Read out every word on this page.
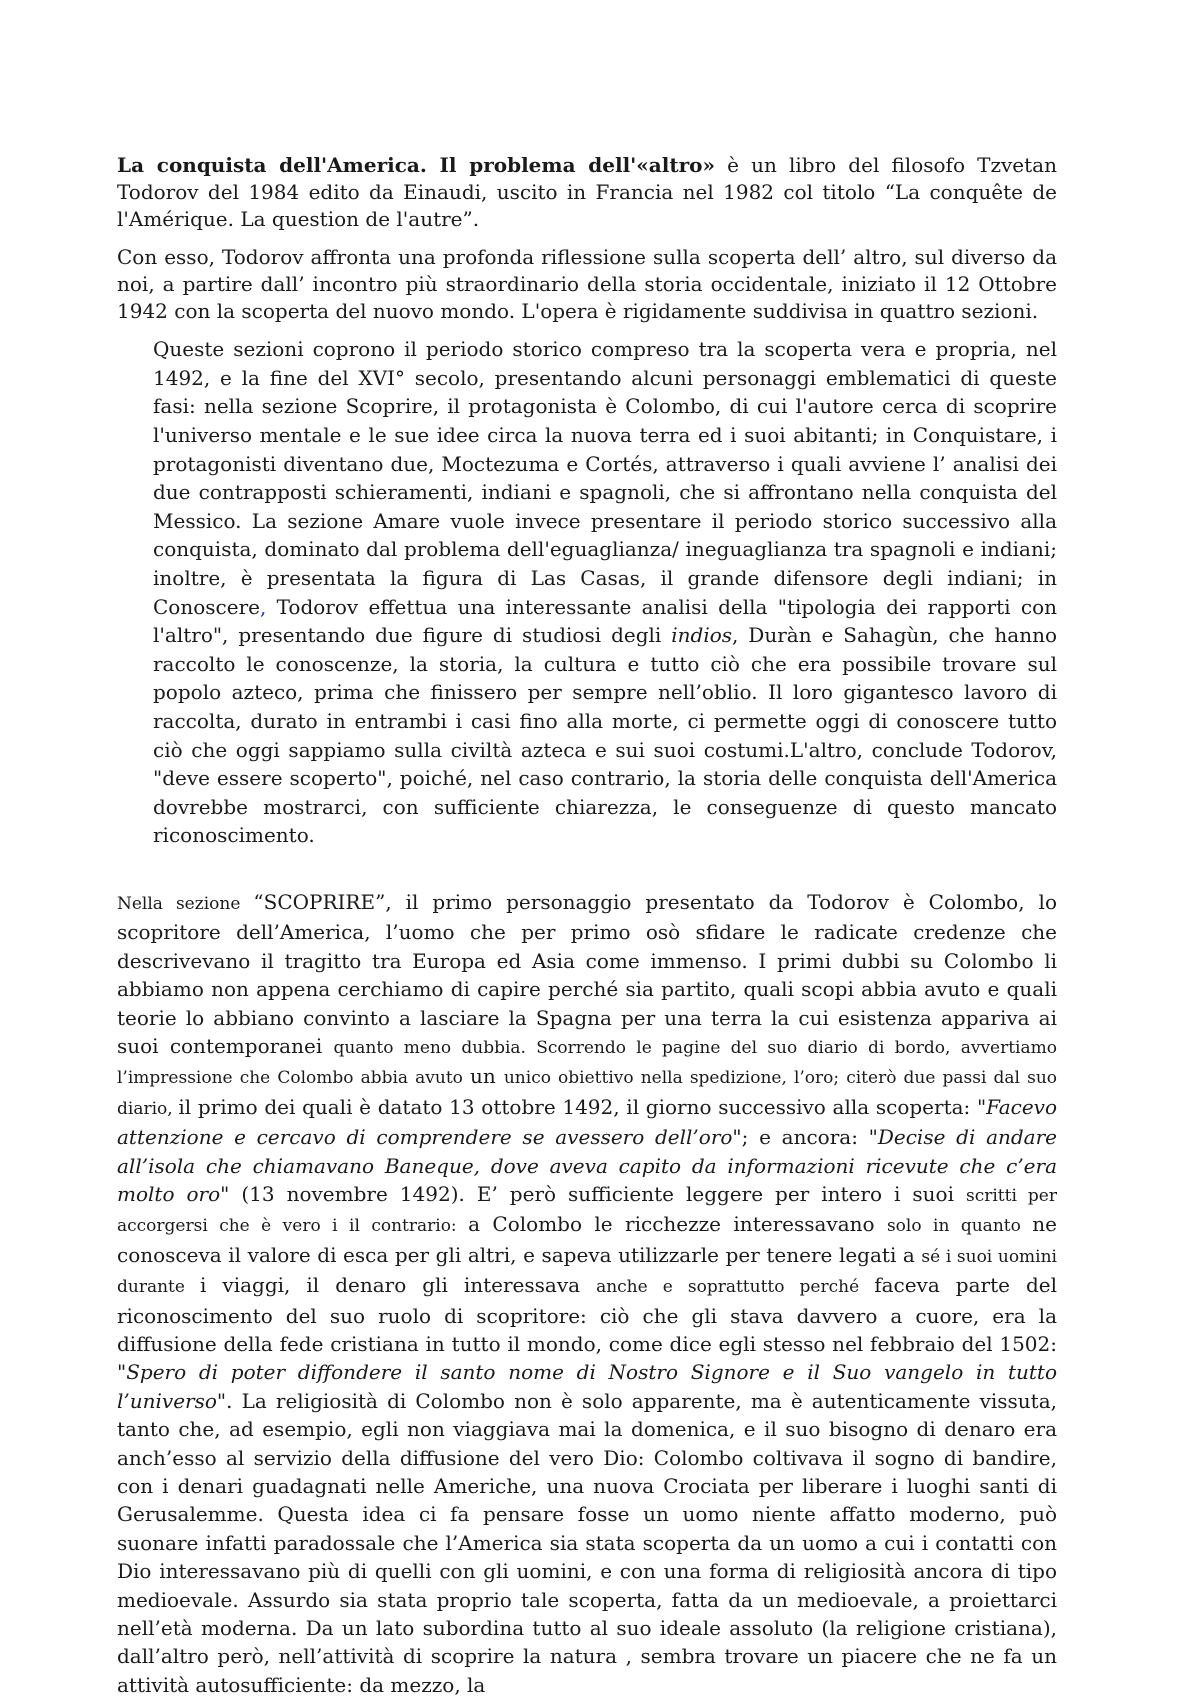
La conquista dell'America. Il problema dell'«altro» è un libro del filosofo Tzvetan Todorov del 1984 edito da Einaudi, uscito in Francia nel 1982 col titolo “La conquête de l'Amérique. La question de l'autre”.

Con esso, Todorov affronta una profonda riflessione sulla scoperta dell’ altro, sul diverso da noi, a partire dall’ incontro più straordinario della storia occidentale, iniziato il 12 Ottobre 1942 con la scoperta del nuovo mondo. L'opera è rigidamente suddivisa in quattro sezioni.

Queste sezioni coprono il periodo storico compreso tra la scoperta vera e propria, nel 1492, e la fine del XVI° secolo, presentando alcuni personaggi emblematici di queste fasi: nella sezione Scoprire, il protagonista è Colombo, di cui l'autore cerca di scoprire l'universo mentale e le sue idee circa la nuova terra ed i suoi abitanti; in Conquistare, i protagonisti diventano due, Moctezuma e Cortés, attraverso i quali avviene l’ analisi dei due contrapposti schieramenti, indiani e spagnoli, che si affrontano nella conquista del Messico. La sezione Amare vuole invece presentare il periodo storico successivo alla conquista, dominato dal problema dell'eguaglianza/ ineguaglianza tra spagnoli e indiani; inoltre, è presentata la figura di Las Casas, il grande difensore degli indiani; in Conoscere, Todorov effettua una interessante analisi della "tipologia dei rapporti con l'altro", presentando due figure di studiosi degli indios, Duràn e Sahagùn, che hanno raccolto le conoscenze, la storia, la cultura e tutto ciò che era possibile trovare sul popolo azteco, prima che finissero per sempre nell’oblio. Il loro gigantesco lavoro di raccolta, durato in entrambi i casi fino alla morte, ci permette oggi di conoscere tutto ciò che oggi sappiamo sulla civiltà azteca e sui suoi costumi.L'altro, conclude Todorov, "deve essere scoperto", poiché, nel caso contrario, la storia delle conquista dell'America dovrebbe mostrarci, con sufficiente chiarezza, le conseguenze di questo mancato riconoscimento.

Nella sezione “SCOPRIRE”, il primo personaggio presentato da Todorov è Colombo, lo scopritore dell’America, l’uomo che per primo osò sfidare le radicate credenze che descrivevano il tragitto tra Europa ed Asia come immenso. I primi dubbi su Colombo li abbiamo non appena cerchiamo di capire perché sia partito, quali scopi abbia avuto e quali teorie lo abbiano convinto a lasciare la Spagna per una terra la cui esistenza appariva ai suoi contemporanei quanto meno dubbia. Scorrendo le pagine del suo diario di bordo, avvertiamo l’impressione che Colombo abbia avuto un unico obiettivo nella spedizione, l’oro; citerò due passi dal suo diario, il primo dei quali è datato 13 ottobre 1492, il giorno successivo alla scoperta: "Facevo attenzione e cercavo di comprendere se avessero dell’oro"; e ancora: "Decise di andare all’isola che chiamavano Baneque, dove aveva capito da informazioni ricevute che c’era molto oro" (13 novembre 1492). E’ però sufficiente leggere per intero i suoi scritti per accorgersi che è vero i il contrario: a Colombo le ricchezze interessavano solo in quanto ne conosceva il valore di esca per gli altri, e sapeva utilizzarle per tenere legati a sé i suoi uomini durante i viaggi, il denaro gli interessava anche e soprattutto perché faceva parte del riconoscimento del suo ruolo di scopritore: ciò che gli stava davvero a cuore, era la diffusione della fede cristiana in tutto il mondo, come dice egli stesso nel febbraio del 1502: "Spero di poter diffondere il santo nome di Nostro Signore e il Suo vangelo in tutto l’universo". La religiosità di Colombo non è solo apparente, ma è autenticamente vissuta, tanto che, ad esempio, egli non viaggiava mai la domenica, e il suo bisogno di denaro era anch’esso al servizio della diffusione del vero Dio: Colombo coltivava il sogno di bandire, con i denari guadagnati nelle Americhe, una nuova Crociata per liberare i luoghi santi di Gerusalemme. Questa idea ci fa pensare fosse un uomo niente affatto moderno, può suonare infatti paradossale che l’America sia stata scoperta da un uomo a cui i contatti con Dio interessavano più di quelli con gli uomini, e con una forma di religiosità ancora di tipo medioevale. Assurdo sia stata proprio tale scoperta, fatta da un medioevale, a proiettarci nell’età moderna. Da un lato subordina tutto al suo ideale assoluto (la religione cristiana), dall’altro però, nell’attività di scoprire la natura , sembra trovare un piacere che ne fa un attività autosufficiente: da mezzo, la
